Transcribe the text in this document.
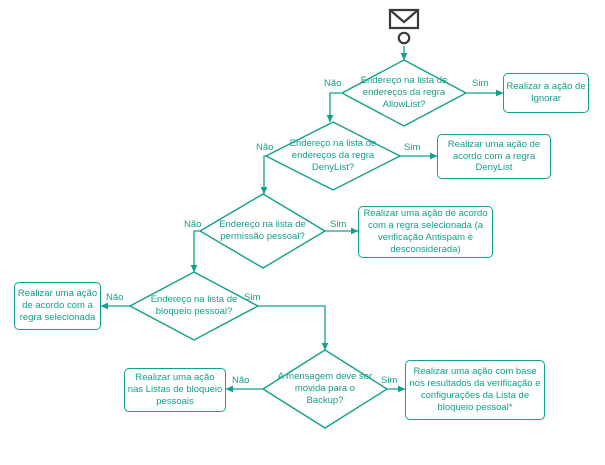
Endereço na lista de endereços da regra AllowList?
Endereço na lista de endereços da regra DenyList?
Endereço na lista de permissão pessoal?
Endereço na lista de bloqueio pessoal?
A mensagem deve ser movida para o Backup?
Realizar a ação de Ignorar
Realizar uma ação de acordo com a regra DenyList
Realizar uma ação de acordo com a regra selecionada (a verificação Antispam é desconsiderada)
Realizar uma ação de acordo com a regra selecionada
Realizar uma ação nas Listas de bloqueio pessoais
Realizar uma ação com base nos resultados da verificação e configurações da Lista de bloqueio pessoal*
Não	Sim
Não	Sim
Não	Sim
Não	Sim
Não	Sim
